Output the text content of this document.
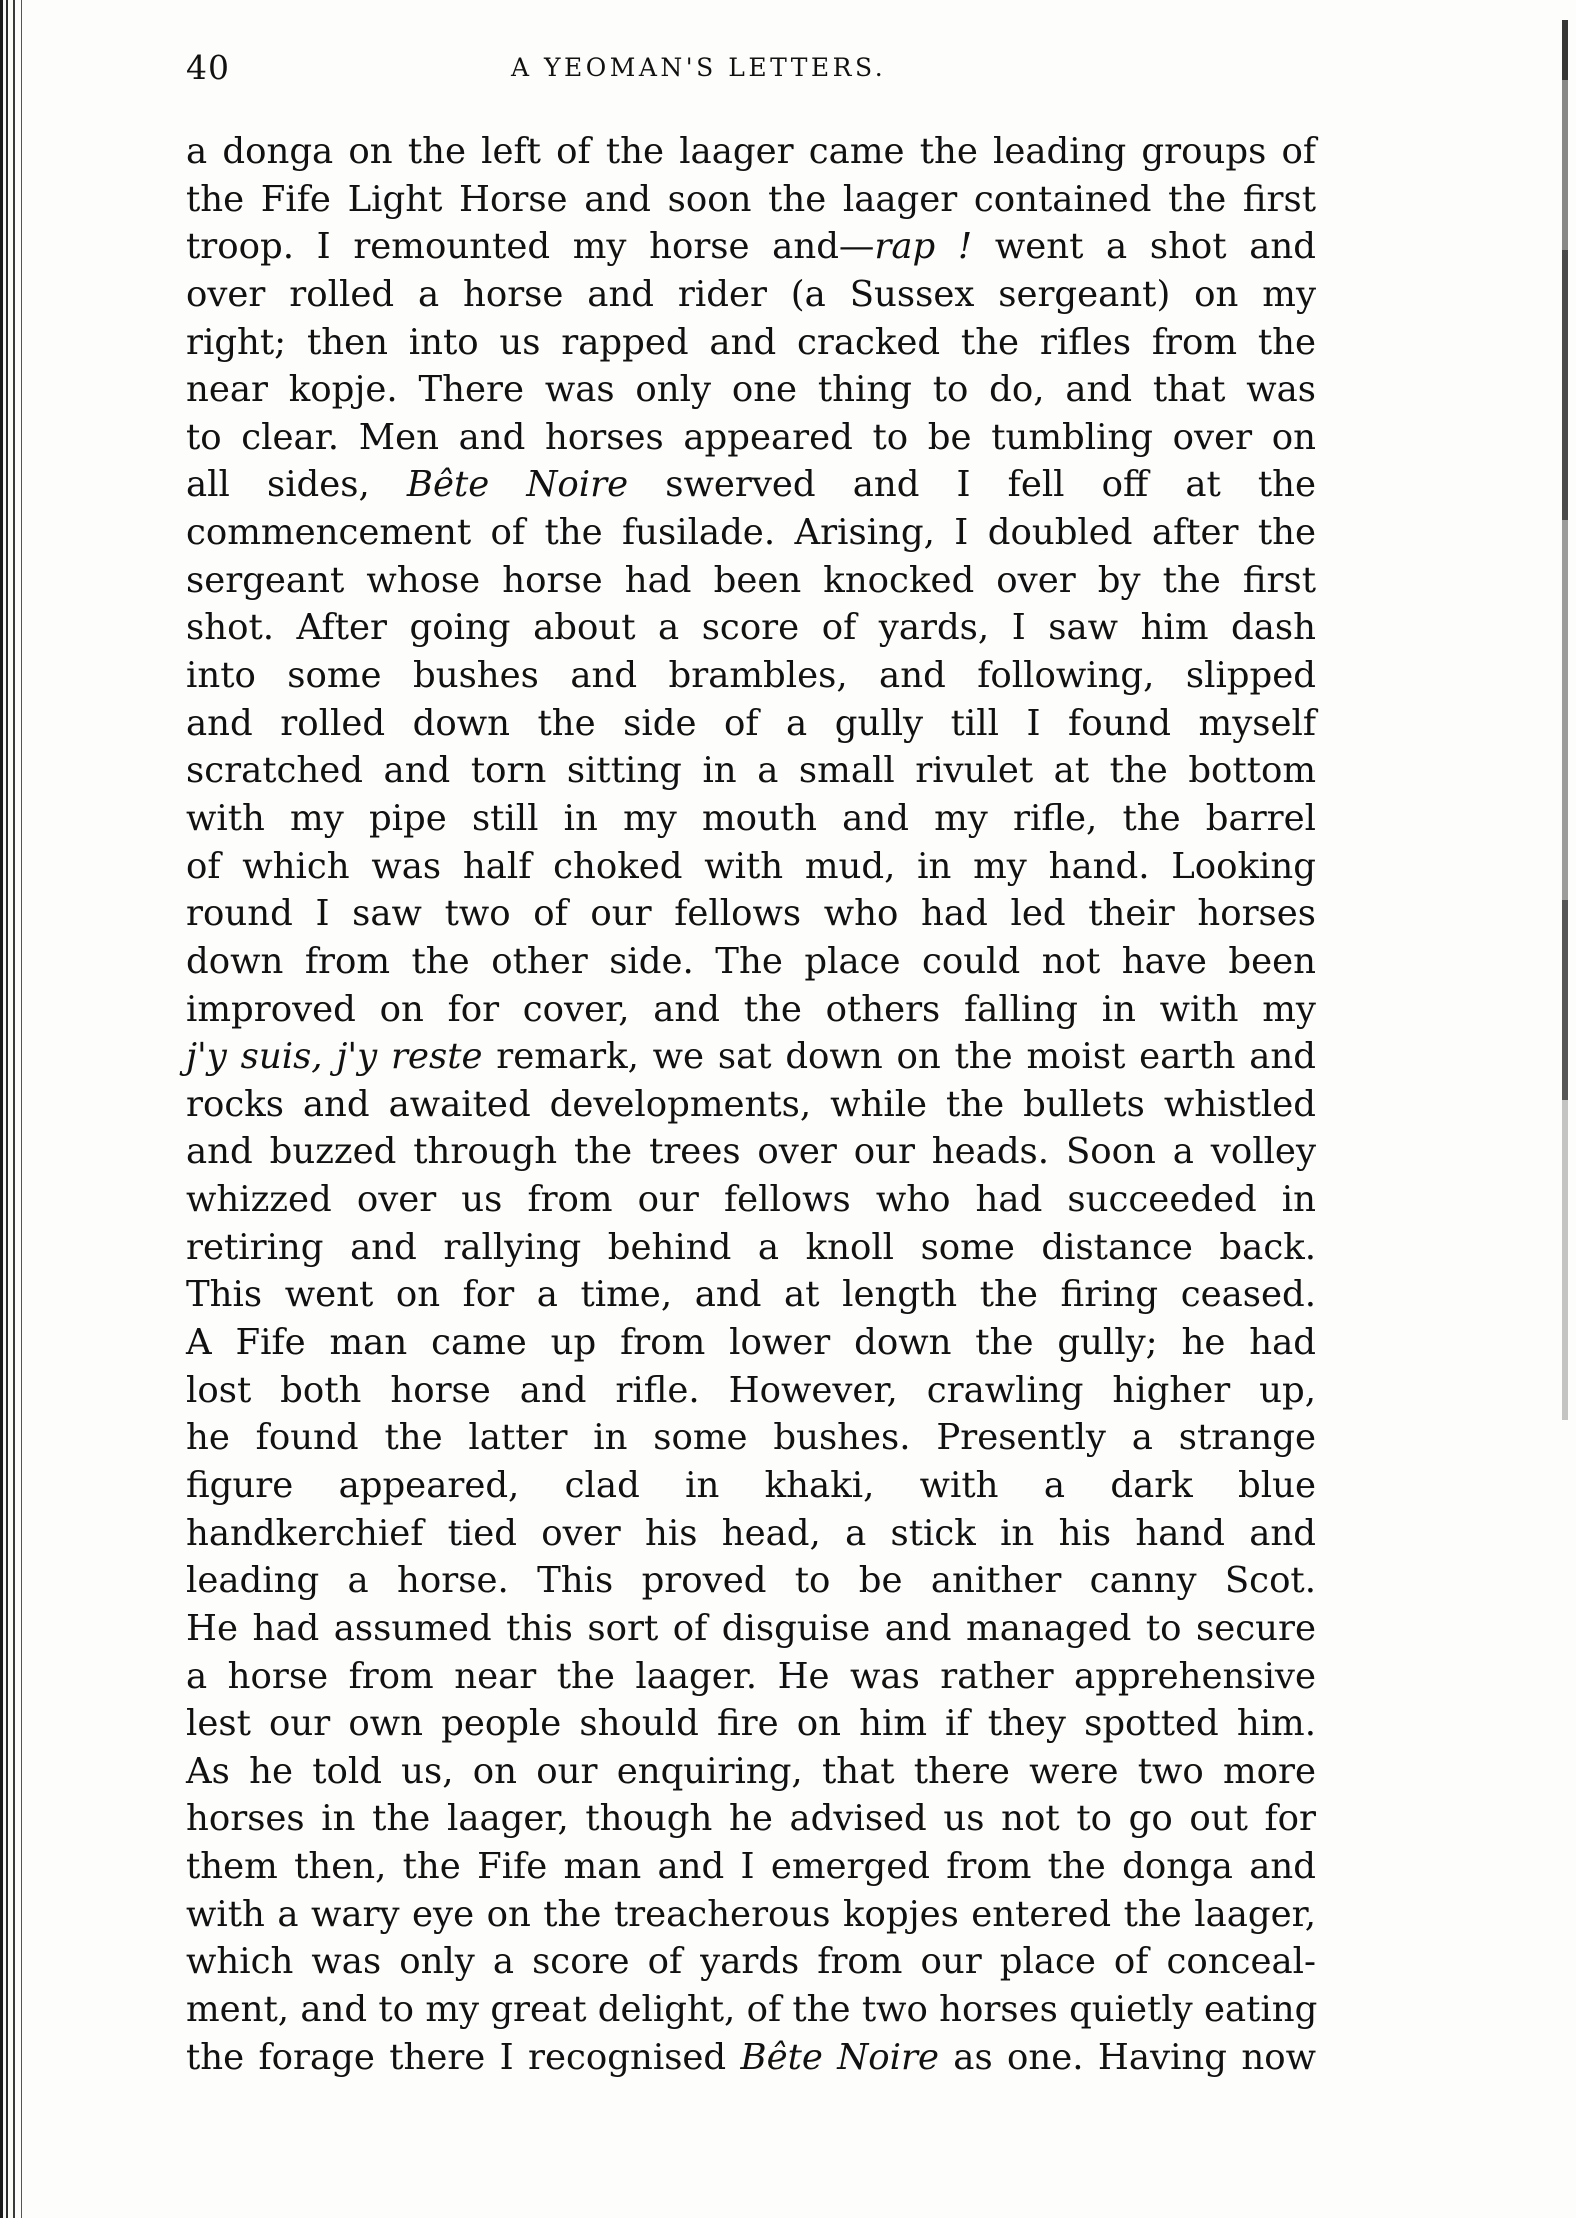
40	A YEOMAN'S LETTERS.
a donga on the left of the laager came the leading groups of
the Fife Light Horse and soon the laager contained the first
troop. I remounted my horse and—rap ! went a shot and
over rolled a horse and rider (a Sussex sergeant) on my
right; then into us rapped and cracked the rifles from the
near kopje. There was only one thing to do, and that was
to clear. Men and horses appeared to be tumbling over on
all sides, Bête Noire swerved and I fell off at the
commencement of the fusilade. Arising, I doubled after the
sergeant whose horse had been knocked over by the first
shot. After going about a score of yards, I saw him dash
into some bushes and brambles, and following, slipped
and rolled down the side of a gully till I found myself
scratched and torn sitting in a small rivulet at the bottom
with my pipe still in my mouth and my rifle, the barrel
of which was half choked with mud, in my hand. Looking
round I saw two of our fellows who had led their horses
down from the other side. The place could not have been
improved on for cover, and the others falling in with my
j'y suis, j'y reste remark, we sat down on the moist earth and
rocks and awaited developments, while the bullets whistled
and buzzed through the trees over our heads. Soon a volley
whizzed over us from our fellows who had succeeded in
retiring and rallying behind a knoll some distance back.
This went on for a time, and at length the firing ceased.
A Fife man came up from lower down the gully; he had
lost both horse and rifle. However, crawling higher up,
he found the latter in some bushes. Presently a strange
figure appeared, clad in khaki, with a dark blue
handkerchief tied over his head, a stick in his hand and
leading a horse. This proved to be anither canny Scot.
He had assumed this sort of disguise and managed to secure
a horse from near the laager. He was rather apprehensive
lest our own people should fire on him if they spotted him.
As he told us, on our enquiring, that there were two more
horses in the laager, though he advised us not to go out for
them then, the Fife man and I emerged from the donga and
with a wary eye on the treacherous kopjes entered the laager,
which was only a score of yards from our place of conceal-
ment, and to my great delight, of the two horses quietly eating
the forage there I recognised Bête Noire as one. Having now
